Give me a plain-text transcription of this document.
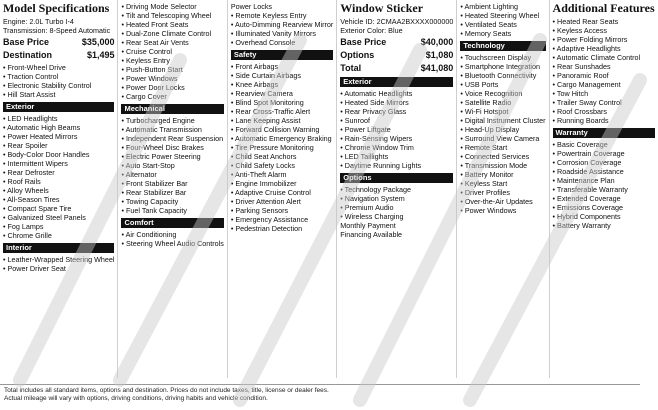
Model Specifications
Engine: 2.0L Turbo I-4
Transmission: 8-Speed Automatic
Base Price	$35,000
Destination	$1,495
• Front-Wheel Drive
• Traction Control
• Electronic Stability Control
• Hill Start Assist
Exterior
• LED Headlights
• Automatic High Beams
• Power Heated Mirrors
• Rear Spoiler
• Body-Color Door Handles
• Intermittent Wipers
• Rear Defroster
• Roof Rails
• Alloy Wheels
• All-Season Tires
• Compact Spare Tire
• Galvanized Steel Panels
• Fog Lamps
• Chrome Grille
Interior
• Leather-Wrapped Steering Wheel
• Power Driver Seat
• Driving Mode Selector
• Tilt and Telescoping Wheel
• Heated Front Seats
• Dual-Zone Climate Control
• Rear Seat Air Vents
• Cruise Control
• Keyless Entry
• Push-Button Start
• Power Windows
• Power Door Locks
• Cargo Cover
Mechanical
• Turbocharged Engine
• Automatic Transmission
• Independent Rear Suspension
• Four-Wheel Disc Brakes
• Electric Power Steering
• Auto Start-Stop
• Alternator
• Front Stabilizer Bar
• Rear Stabilizer Bar
• Towing Capacity
• Fuel Tank Capacity
Comfort
• Air Conditioning
• Steering Wheel Audio Controls
Power Locks
• Remote Keyless Entry
• Auto-Dimming Rearview Mirror
• Illuminated Vanity Mirrors
• Overhead Console
Safety
• Front Airbags
• Side Curtain Airbags
• Knee Airbags
• Rearview Camera
• Blind Spot Monitoring
• Rear Cross-Traffic Alert
• Lane Keeping Assist
• Forward Collision Warning
• Automatic Emergency Braking
• Tire Pressure Monitoring
• Child Seat Anchors
• Child Safety Locks
• Anti-Theft Alarm
• Engine Immobilizer
• Adaptive Cruise Control
• Driver Attention Alert
• Parking Sensors
• Emergency Assistance
• Pedestrian Detection
Window Sticker
Vehicle ID: 2CMAA2BXXXX000000
Exterior Color: Blue
Base Price	$40,000
Options	$1,080
Total	$41,080
Exterior
• Automatic Headlights
• Heated Side Mirrors
• Rear Privacy Glass
• Sunroof
• Power Liftgate
• Rain-Sensing Wipers
• Chrome Window Trim
• LED Taillights
• Daytime Running Lights
Options
• Technology Package
• Navigation System
• Premium Audio
• Wireless Charging
Monthly Payment
Financing Available
• Ambient Lighting
• Heated Steering Wheel
• Ventilated Seats
• Memory Seats
Technology
• Touchscreen Display
• Smartphone Integration
• Bluetooth Connectivity
• USB Ports
• Voice Recognition
• Satellite Radio
• Wi-Fi Hotspot
• Digital Instrument Cluster
• Head-Up Display
• Surround View Camera
• Remote Start
• Connected Services
• Transmission Mode
• Battery Monitor
• Keyless Start
• Driver Profiles
• Over-the-Air Updates
• Power Windows
Additional Features
• Heated Rear Seats
• Keyless Access
• Power Folding Mirrors
• Adaptive Headlights
• Automatic Climate Control
• Rear Sunshades
• Panoramic Roof
• Cargo Management
• Tow Hitch
• Trailer Sway Control
• Roof Crossbars
• Running Boards
Warranty
• Basic Coverage
• Powertrain Coverage
• Corrosion Coverage
• Roadside Assistance
• Maintenance Plan
• Transferable Warranty
• Extended Coverage
• Emissions Coverage
• Hybrid Components
• Battery Warranty
Total includes all standard items, options and destination. Prices do not include taxes, title, license or dealer fees.
Actual mileage will vary with options, driving conditions, driving habits and vehicle condition.
